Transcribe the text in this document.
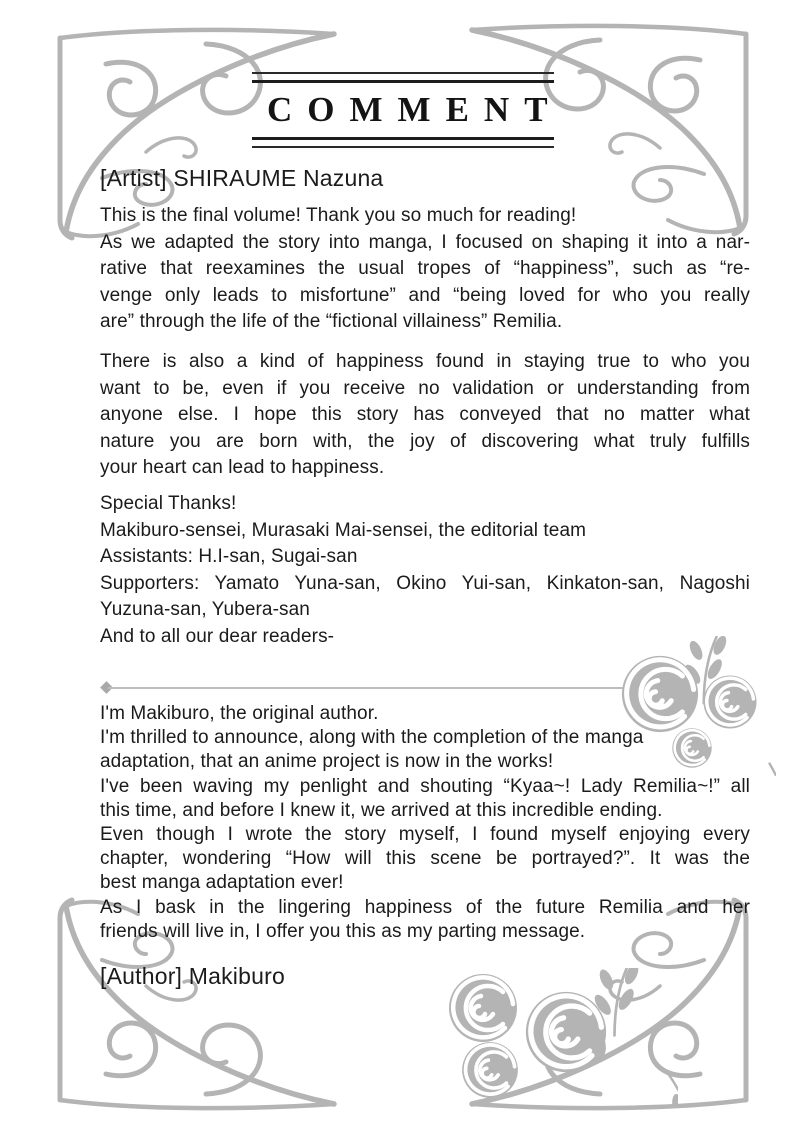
COMMENT
[Artist] SHIRAUME Nazuna
This is the final volume! Thank you so much for reading!
As we adapted the story into manga, I focused on shaping it into a nar-
rative that reexamines the usual tropes of “happiness”, such as “re-
venge only leads to misfortune” and “being loved for who you really
are” through the life of the “fictional villainess” Remilia.
There is also a kind of happiness found in staying true to who you
want to be, even if you receive no validation or understanding from
anyone else. I hope this story has conveyed that no matter what
nature you are born with, the joy of discovering what truly fulfills
your heart can lead to happiness.
Special Thanks!
Makiburo-sensei, Murasaki Mai-sensei, the editorial team
Assistants: H.I-san, Sugai-san
Supporters: Yamato Yuna-san, Okino Yui-san, Kinkaton-san, Nagoshi
Yuzuna-san, Yubera-san
And to all our dear readers-
I'm Makiburo, the original author.
I'm thrilled to announce, along with the completion of the manga
adaptation, that an anime project is now in the works!
I've been waving my penlight and shouting “Kyaa~! Lady Remilia~!” all
this time, and before I knew it, we arrived at this incredible ending.
Even though I wrote the story myself, I found myself enjoying every
chapter, wondering “How will this scene be portrayed?”. It was the
best manga adaptation ever!
As I bask in the lingering happiness of the future Remilia and her
friends will live in, I offer you this as my parting message.
[Author] Makiburo
